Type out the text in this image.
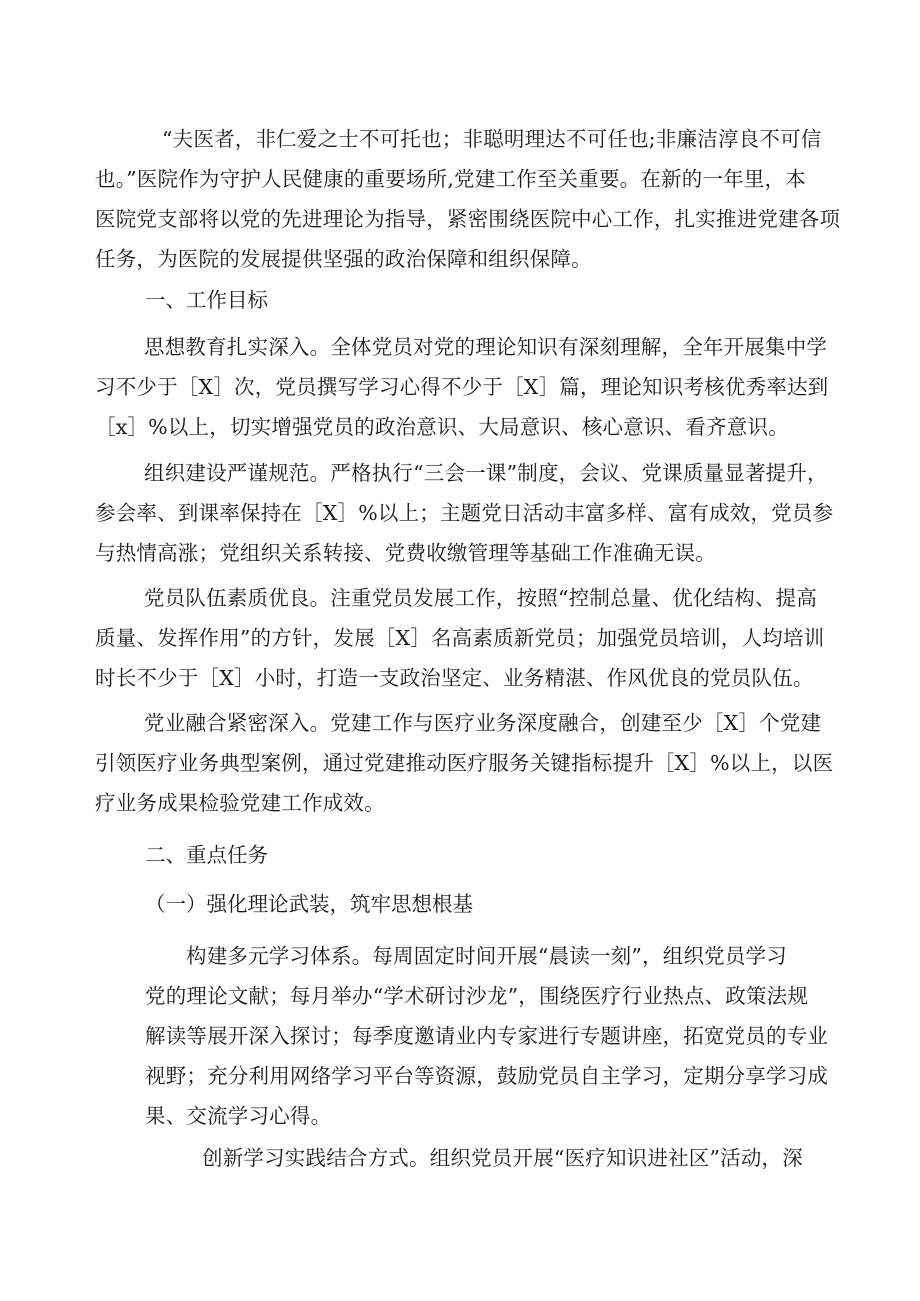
“夫医者，非仁爱之士不可托也；非聪明理达不可任也;非廉洁淳良不可信
也。”医院作为守护人民健康的重要场所,党建工作至关重要。在新的一年里，本
医院党支部将以党的先进理论为指导，紧密围绕医院中心工作，扎实推进党建各项
任务，为医院的发展提供坚强的政治保障和组织保障。
一、工作目标
思想教育扎实深入。全体党员对党的理论知识有深刻理解，全年开展集中学
习不少于［X］次，党员撰写学习心得不少于［X］篇，理论知识考核优秀率达到
［x］%以上，切实增强党员的政治意识、大局意识、核心意识、看齐意识。
组织建设严谨规范。严格执行“三会一课”制度，会议、党课质量显著提升，
参会率、到课率保持在［X］%以上；主题党日活动丰富多样、富有成效，党员参
与热情高涨；党组织关系转接、党费收缴管理等基础工作准确无误。
党员队伍素质优良。注重党员发展工作，按照“控制总量、优化结构、提高
质量、发挥作用”的方针，发展［X］名高素质新党员；加强党员培训，人均培训
时长不少于［X］小时，打造一支政治坚定、业务精湛、作风优良的党员队伍。
党业融合紧密深入。党建工作与医疗业务深度融合，创建至少［X］个党建
引领医疗业务典型案例，通过党建推动医疗服务关键指标提升［X］%以上，以医
疗业务成果检验党建工作成效。
二、重点任务
（一）强化理论武装，筑牢思想根基
构建多元学习体系。每周固定时间开展“晨读一刻”，组织党员学习
党的理论文献；每月举办“学术研讨沙龙”，围绕医疗行业热点、政策法规
解读等展开深入探讨；每季度邀请业内专家进行专题讲座，拓宽党员的专业
视野；充分利用网络学习平台等资源，鼓励党员自主学习，定期分享学习成
果、交流学习心得。
创新学习实践结合方式。组织党员开展“医疗知识进社区”活动，深
